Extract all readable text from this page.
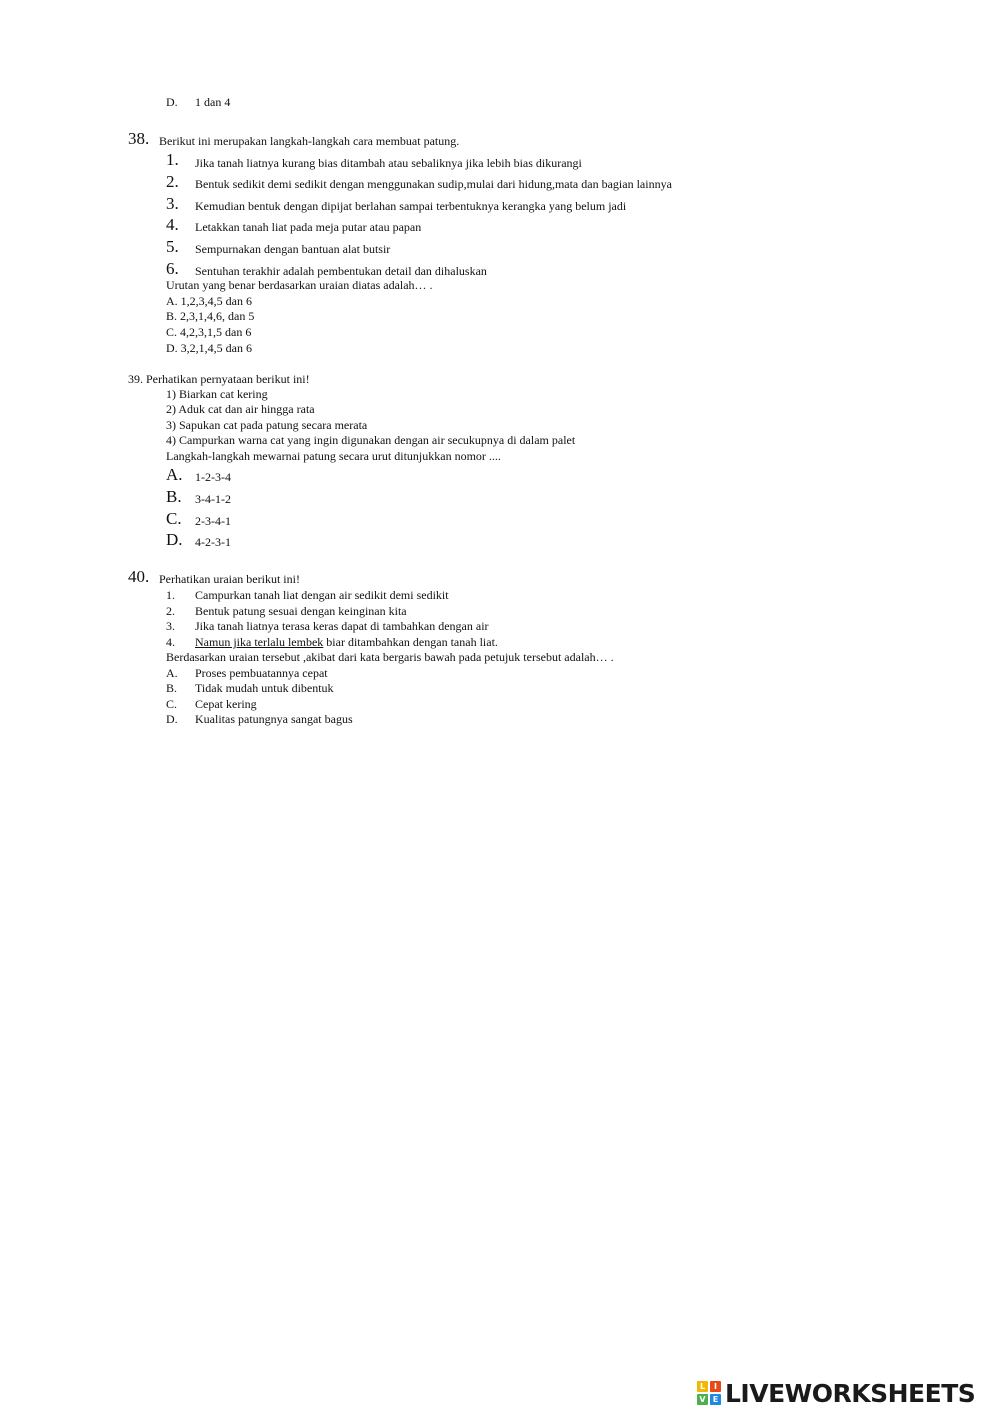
D. 1 dan 4
38. Berikut ini merupakan langkah-langkah cara membuat patung.
1. Jika tanah liatnya kurang bias ditambah atau sebaliknya jika lebih bias dikurangi
2. Bentuk sedikit demi sedikit dengan menggunakan sudip,mulai dari hidung,mata dan bagian lainnya
3. Kemudian bentuk dengan dipijat berlahan sampai terbentuknya kerangka yang belum jadi
4. Letakkan tanah liat pada meja putar atau papan
5. Sempurnakan dengan bantuan alat butsir
6. Sentuhan terakhir adalah pembentukan detail dan dihaluskan
Urutan yang benar berdasarkan uraian diatas adalah… .
A. 1,2,3,4,5 dan 6
B. 2,3,1,4,6, dan 5
C. 4,2,3,1,5 dan 6
D. 3,2,1,4,5 dan 6
39. Perhatikan pernyataan berikut ini!
1) Biarkan cat kering
2) Aduk cat dan air hingga rata
3) Sapukan cat pada patung secara merata
4) Campurkan warna cat yang ingin digunakan dengan air secukupnya di dalam palet
Langkah-langkah mewarnai patung secara urut ditunjukkan nomor ....
A. 1-2-3-4
B. 3-4-1-2
C. 2-3-4-1
D. 4-2-3-1
40. Perhatikan uraian berikut ini!
1. Campurkan tanah liat dengan air sedikit demi sedikit
2. Bentuk patung sesuai dengan keinginan kita
3. Jika tanah liatnya terasa keras dapat di tambahkan dengan air
4. Namun jika terlalu lembek biar ditambahkan dengan tanah liat.
Berdasarkan uraian tersebut ,akibat dari kata bergaris bawah pada petujuk tersebut adalah… .
A. Proses pembuatannya cepat
B. Tidak mudah untuk dibentuk
C. Cepat kering
D. Kualitas patungnya sangat bagus
L	I
V E LIVEWORKSHEETS
